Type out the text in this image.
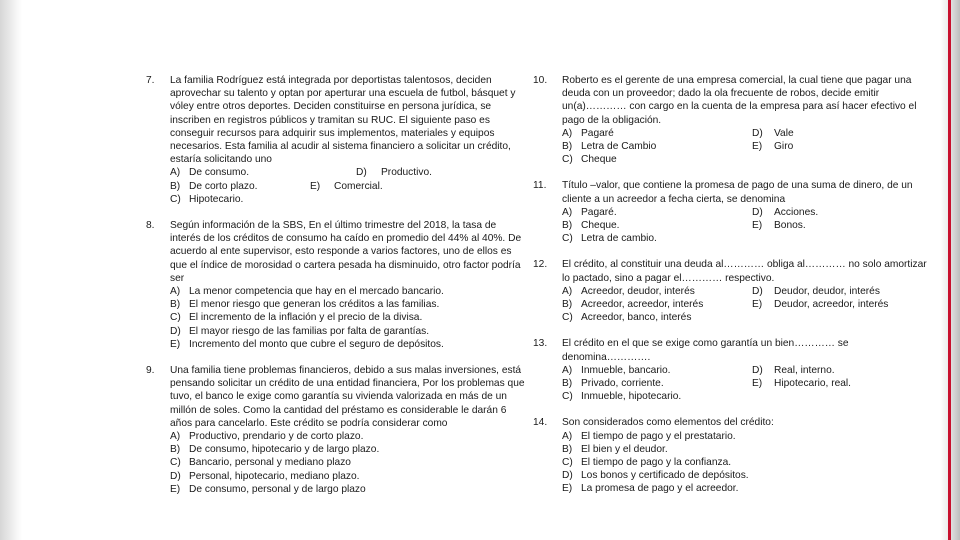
7.	La familia Rodríguez está integrada por deportistas talentosos, deciden aprovechar su talento y optan por aperturar una escuela de futbol, básquet y vóley entre otros deportes. Deciden constituirse en persona jurídica, se inscriben en registros públicos y tramitan su RUC. El siguiente paso es conseguir recursos para adquirir sus implementos, materiales y equipos necesarios. Esta familia al acudir al sistema financiero a solicitar un crédito, estaría solicitando uno

A) De consumo.	D)	Productivo.
B) De corto plazo.	E)	Comercial.
C) Hipotecario.
8.	Según información de la SBS, En el último trimestre del 2018, la tasa de interés de los créditos de consumo ha caído en promedio del 44% al 40%. De acuerdo al ente supervisor, esto responde a varios factores, uno de ellos es que el índice de morosidad o cartera pesada ha disminuido, otro factor podría ser

A) La menor competencia que hay en el mercado bancario.
B) El menor riesgo que generan los créditos a las familias.
C) El incremento de la inflación y el precio de la divisa.
D) El mayor riesgo de las familias por falta de garantías.
E) Incremento del monto que cubre el seguro de depósitos.
9.	Una familia tiene problemas financieros, debido a sus malas inversiones, está pensando solicitar un crédito de una entidad financiera, Por los problemas que tuvo, el banco le exige como garantía su vivienda valorizada en más de un millón de soles. Como la cantidad del préstamo es considerable le darán 6 años para cancelarlo. Este crédito se podría considerar como

A) Productivo, prendario y de corto plazo.
B) De consumo, hipotecario y de largo plazo.
C) Bancario, personal y mediano plazo
D) Personal, hipotecario, mediano plazo.
E) De consumo, personal y de largo plazo
10.	Roberto es el gerente de una empresa comercial, la cual tiene que pagar una deuda con un proveedor; dado la ola frecuente de robos, decide emitir un(a)………… con cargo en la cuenta de la empresa para así hacer efectivo el pago de la obligación.

A) Pagaré	D)	Vale
B) Letra de Cambio	E)	Giro
C) Cheque
11.	Título –valor, que contiene la promesa de pago de una suma de dinero, de un cliente a un acreedor a fecha cierta, se denomina

A) Pagaré.	D)	Acciones.
B) Cheque.	E)	Bonos.
C) Letra de cambio.
12.	El crédito, al constituir una deuda al………… obliga al………… no solo amortizar lo pactado, sino a pagar el………… respectivo.

A) Acreedor, deudor, interés	D)	Deudor, deudor, interés
B) Acreedor, acreedor, interés	E)	Deudor, acreedor, interés
C) Acreedor, banco, interés
13.	El crédito en el que se exige como garantía un bien………… se denomina………….

A) Inmueble, bancario.	D)	Real, interno.
B) Privado, corriente.	E)	Hipotecario, real.
C) Inmueble, hipotecario.
14.	Son considerados como elementos del crédito:

A) El tiempo de pago y el prestatario.
B) El bien y el deudor.
C) El tiempo de pago y la confianza.
D) Los bonos y certificado de depósitos.
E) La promesa de pago y el acreedor.
